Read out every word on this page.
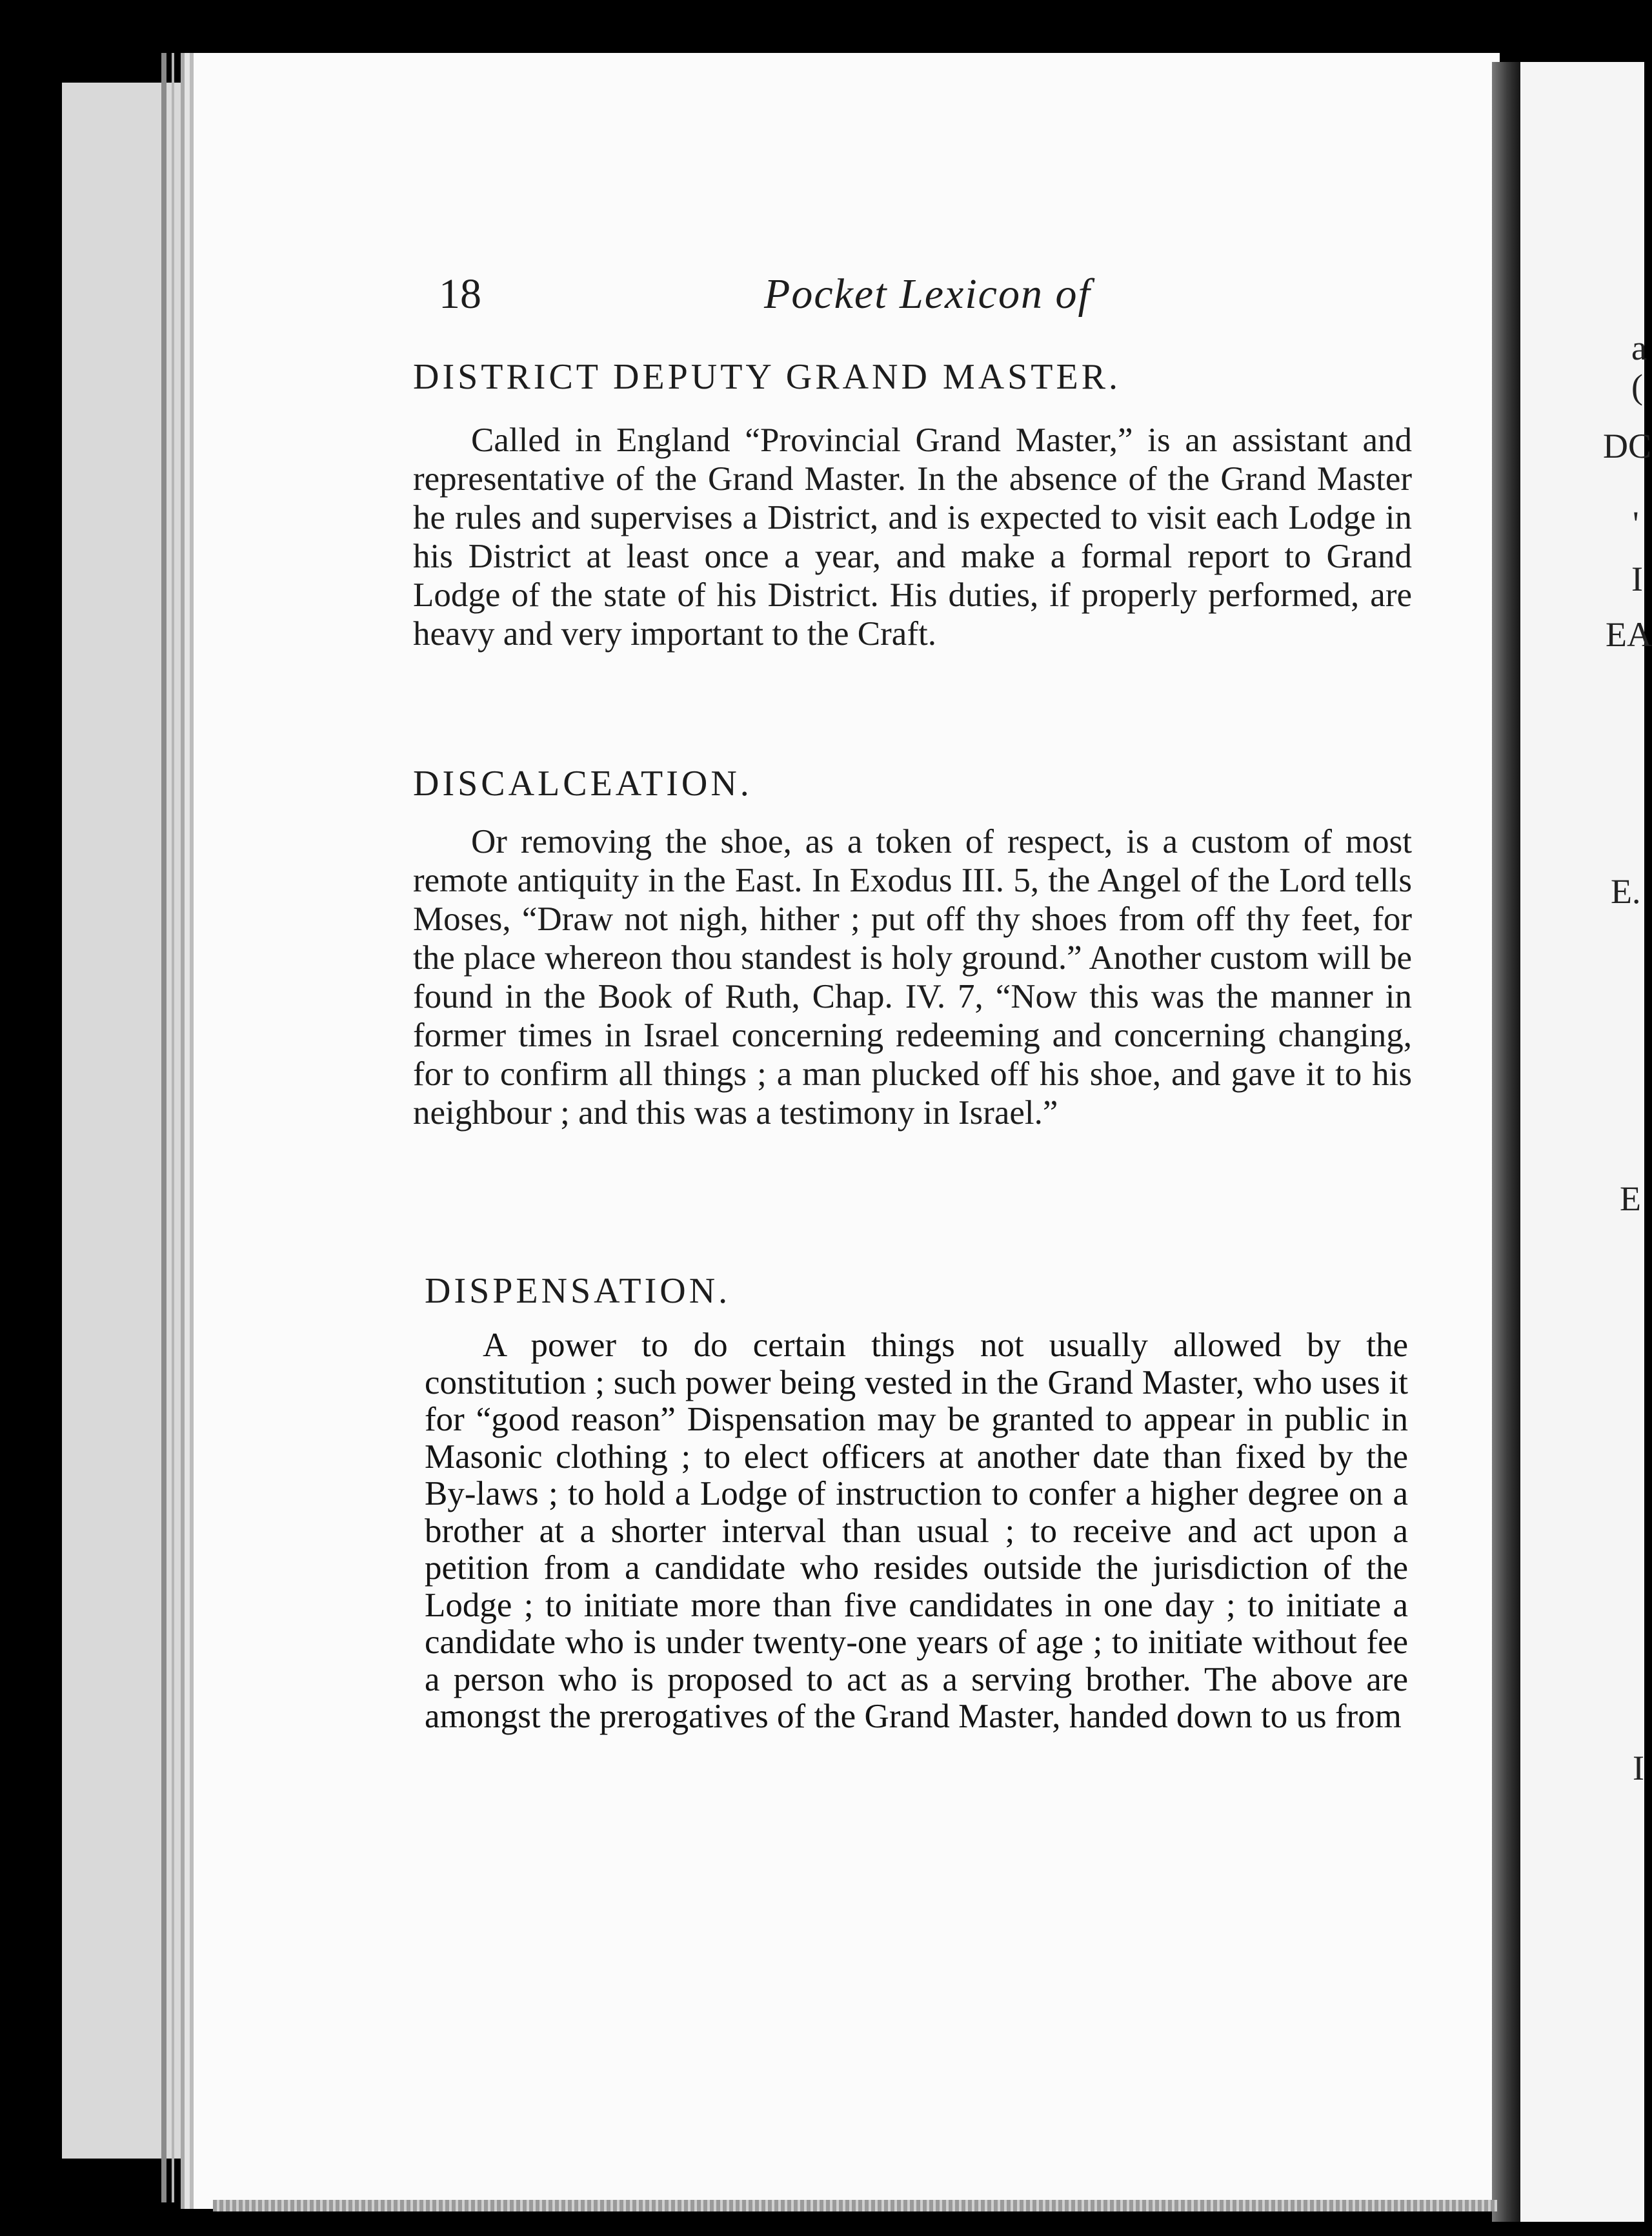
18	Pocket Lexicon of
DISTRICT DEPUTY GRAND MASTER.

Called in England “Provincial Grand Master,” is an assistant and representative of the Grand Master. In the absence of the Grand Master he rules and supervises a District, and is expected to visit each Lodge in his District at least once a year, and make a formal report to Grand Lodge of the state of his District. His duties, if properly performed, are heavy and very important to the Craft.

DISCALCEATION.

Or removing the shoe, as a token of respect, is a custom of most remote antiquity in the East. In Exodus III. 5, the Angel of the Lord tells Moses, “Draw not nigh, hither ; put off thy shoes from off thy feet, for the place whereon thou standest is holy ground.” Another custom will be found in the Book of Ruth, Chap. IV. 7, “Now this was the manner in former times in Israel concerning redeeming and concerning changing, for to confirm all things ; a man plucked off his shoe, and gave it to his neighbour ; and this was a testimony in Israel.”

DISPENSATION.

A power to do certain things not usually allowed by the constitution ; such power being vested in the Grand Master, who uses it for “good reason” Dispensation may be granted to appear in public in Masonic clothing ; to elect officers at another date than fixed by the By-laws ; to hold a Lodge of instruction to confer a higher degree on a brother at a shorter interval than usual ; to receive and act upon a petition from a candidate who resides outside the jurisdiction of the Lodge ; to initiate more than five candidates in one day ; to initiate a candidate who is under twenty-one years of age ; to initiate without fee a person who is proposed to act as a serving brother. The above are amongst the prerogatives of the Grand Master, handed down to us from

a
(
DC
'
I
EA
E.
E
I
